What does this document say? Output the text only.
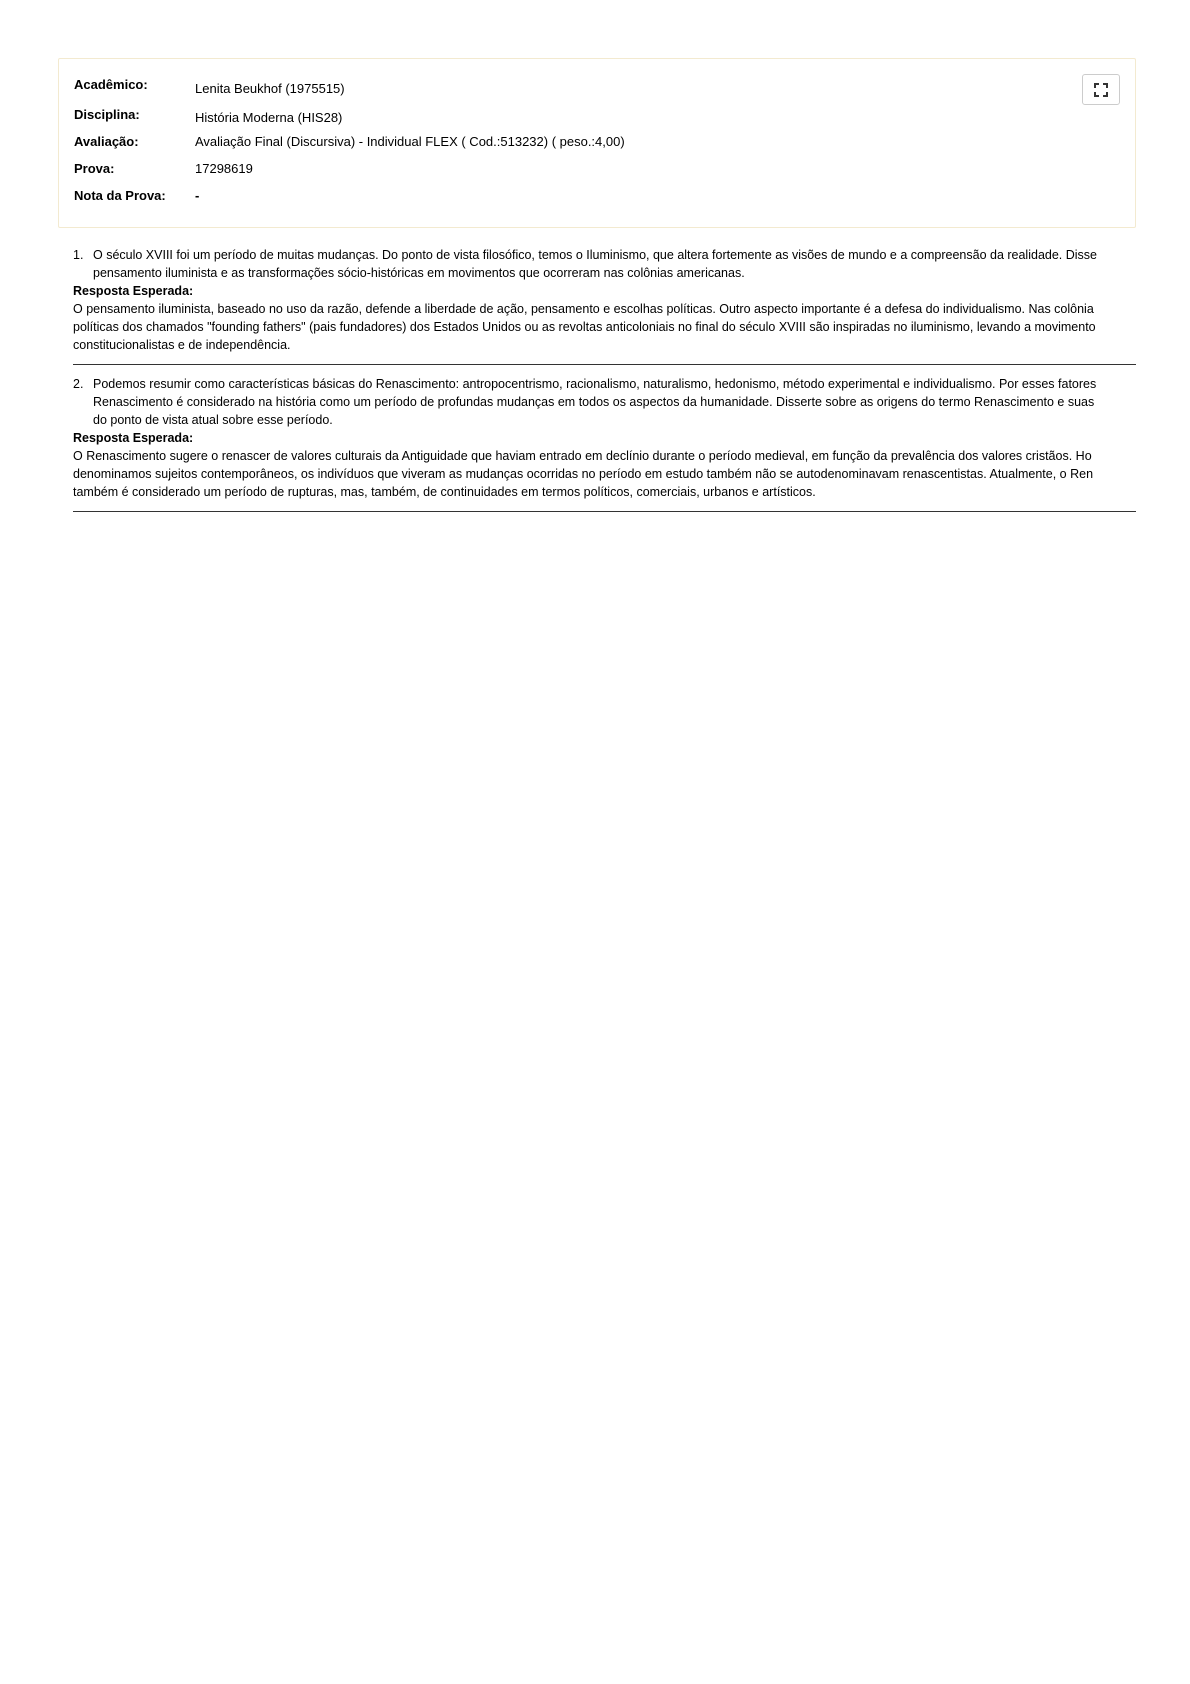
Acadêmico:	Lenita Beukhof (1975515)
Disciplina:	História Moderna (HIS28)
Avaliação:	Avaliação Final (Discursiva) - Individual FLEX ( Cod.:513232) ( peso.:4,00)
Prova:	17298619
Nota da Prova:	-
1. O século XVIII foi um período de muitas mudanças. Do ponto de vista filosófico, temos o Iluminismo, que altera fortemente as visões de mundo e a compreensão da realidade. Disse
pensamento iluminista e as transformações sócio-históricas em movimentos que ocorreram nas colônias americanas.
Resposta Esperada:
O pensamento iluminista, baseado no uso da razão, defende a liberdade de ação, pensamento e escolhas políticas. Outro aspecto importante é a defesa do individualismo. Nas colônia
políticas dos chamados "founding fathers" (pais fundadores) dos Estados Unidos ou as revoltas anticoloniais no final do século XVIII são inspiradas no iluminismo, levando a movimento
constitucionalistas e de independência.
2. Podemos resumir como características básicas do Renascimento: antropocentrismo, racionalismo, naturalismo, hedonismo, método experimental e individualismo. Por esses fatores
Renascimento é considerado na história como um período de profundas mudanças em todos os aspectos da humanidade. Disserte sobre as origens do termo Renascimento e suas
do ponto de vista atual sobre esse período.
Resposta Esperada:
O Renascimento sugere o renascer de valores culturais da Antiguidade que haviam entrado em declínio durante o período medieval, em função da prevalência dos valores cristãos. Ho
denominamos sujeitos contemporâneos, os indivíduos que viveram as mudanças ocorridas no período em estudo também não se autodenominavam renascentistas. Atualmente, o Ren
também é considerado um período de rupturas, mas, também, de continuidades em termos políticos, comerciais, urbanos e artísticos.
